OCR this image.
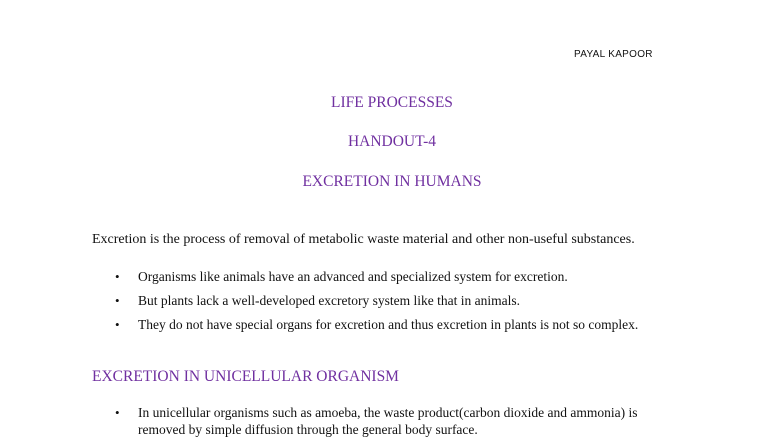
PAYAL KAPOOR
LIFE PROCESSES
HANDOUT-4
EXCRETION IN HUMANS
Excretion is the process of removal of metabolic waste material and other non-useful substances.
• Organisms like animals have an advanced and specialized system for excretion.
• But plants lack a well-developed excretory system like that in animals.
• They do not have special organs for excretion and thus excretion in plants is not so complex.
EXCRETION IN UNICELLULAR ORGANISM
• In unicellular organisms such as amoeba, the waste product(carbon dioxide and ammonia) is removed by simple diffusion through the general body surface.
